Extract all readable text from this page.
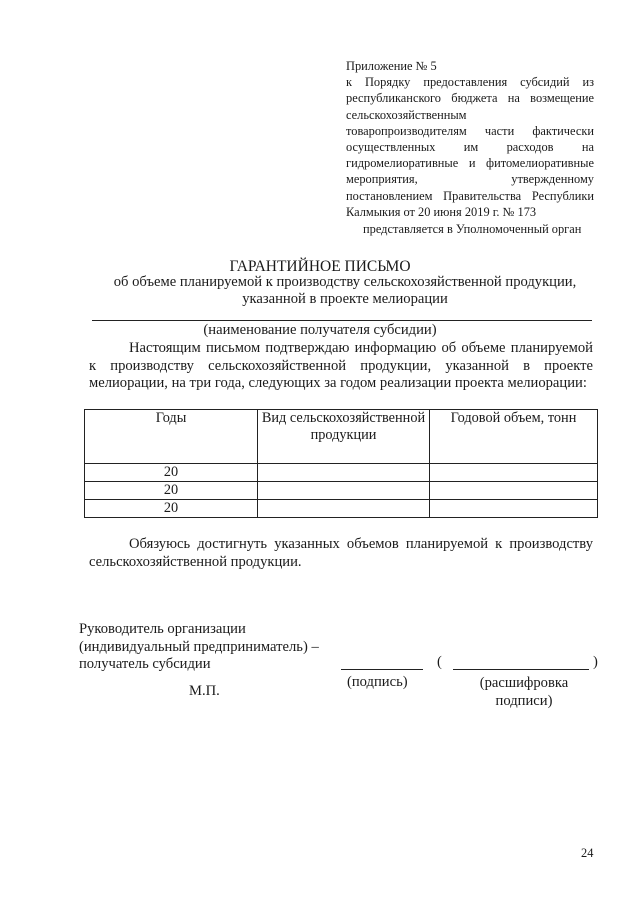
Приложение № 5
к Порядку предоставления субсидий из
республиканского бюджета на возмещение
сельскохозяйственным
товаропроизводителям части фактически
осуществленных им расходов на
гидромелиоративные и фитомелиоративные
мероприятия, утвержденному
постановлением Правительства Республики
Калмыкия от 20 июня 2019 г. № 173
представляется в Уполномоченный орган
ГАРАНТИЙНОЕ ПИСЬМО
об объеме планируемой к производству сельскохозяйственной продукции,
указанной в проекте мелиорации
(наименование получателя субсидии)
Настоящим письмом подтверждаю информацию об объеме планируемой к производству сельскохозяйственной продукции, указанной в проекте мелиорации, на три года, следующих за годом реализации проекта мелиорации:
Годы	Вид сельскохозяйственной продукции	Годовой объем, тонн
20		
20		
20		
Обязуюсь достигнуть указанных объемов планируемой к производству сельскохозяйственной продукции.
Руководитель организации
(индивидуальный предприниматель) –
получатель субсидии
М.П.
(	)
(подпись)	(расшифровка подписи)
24
